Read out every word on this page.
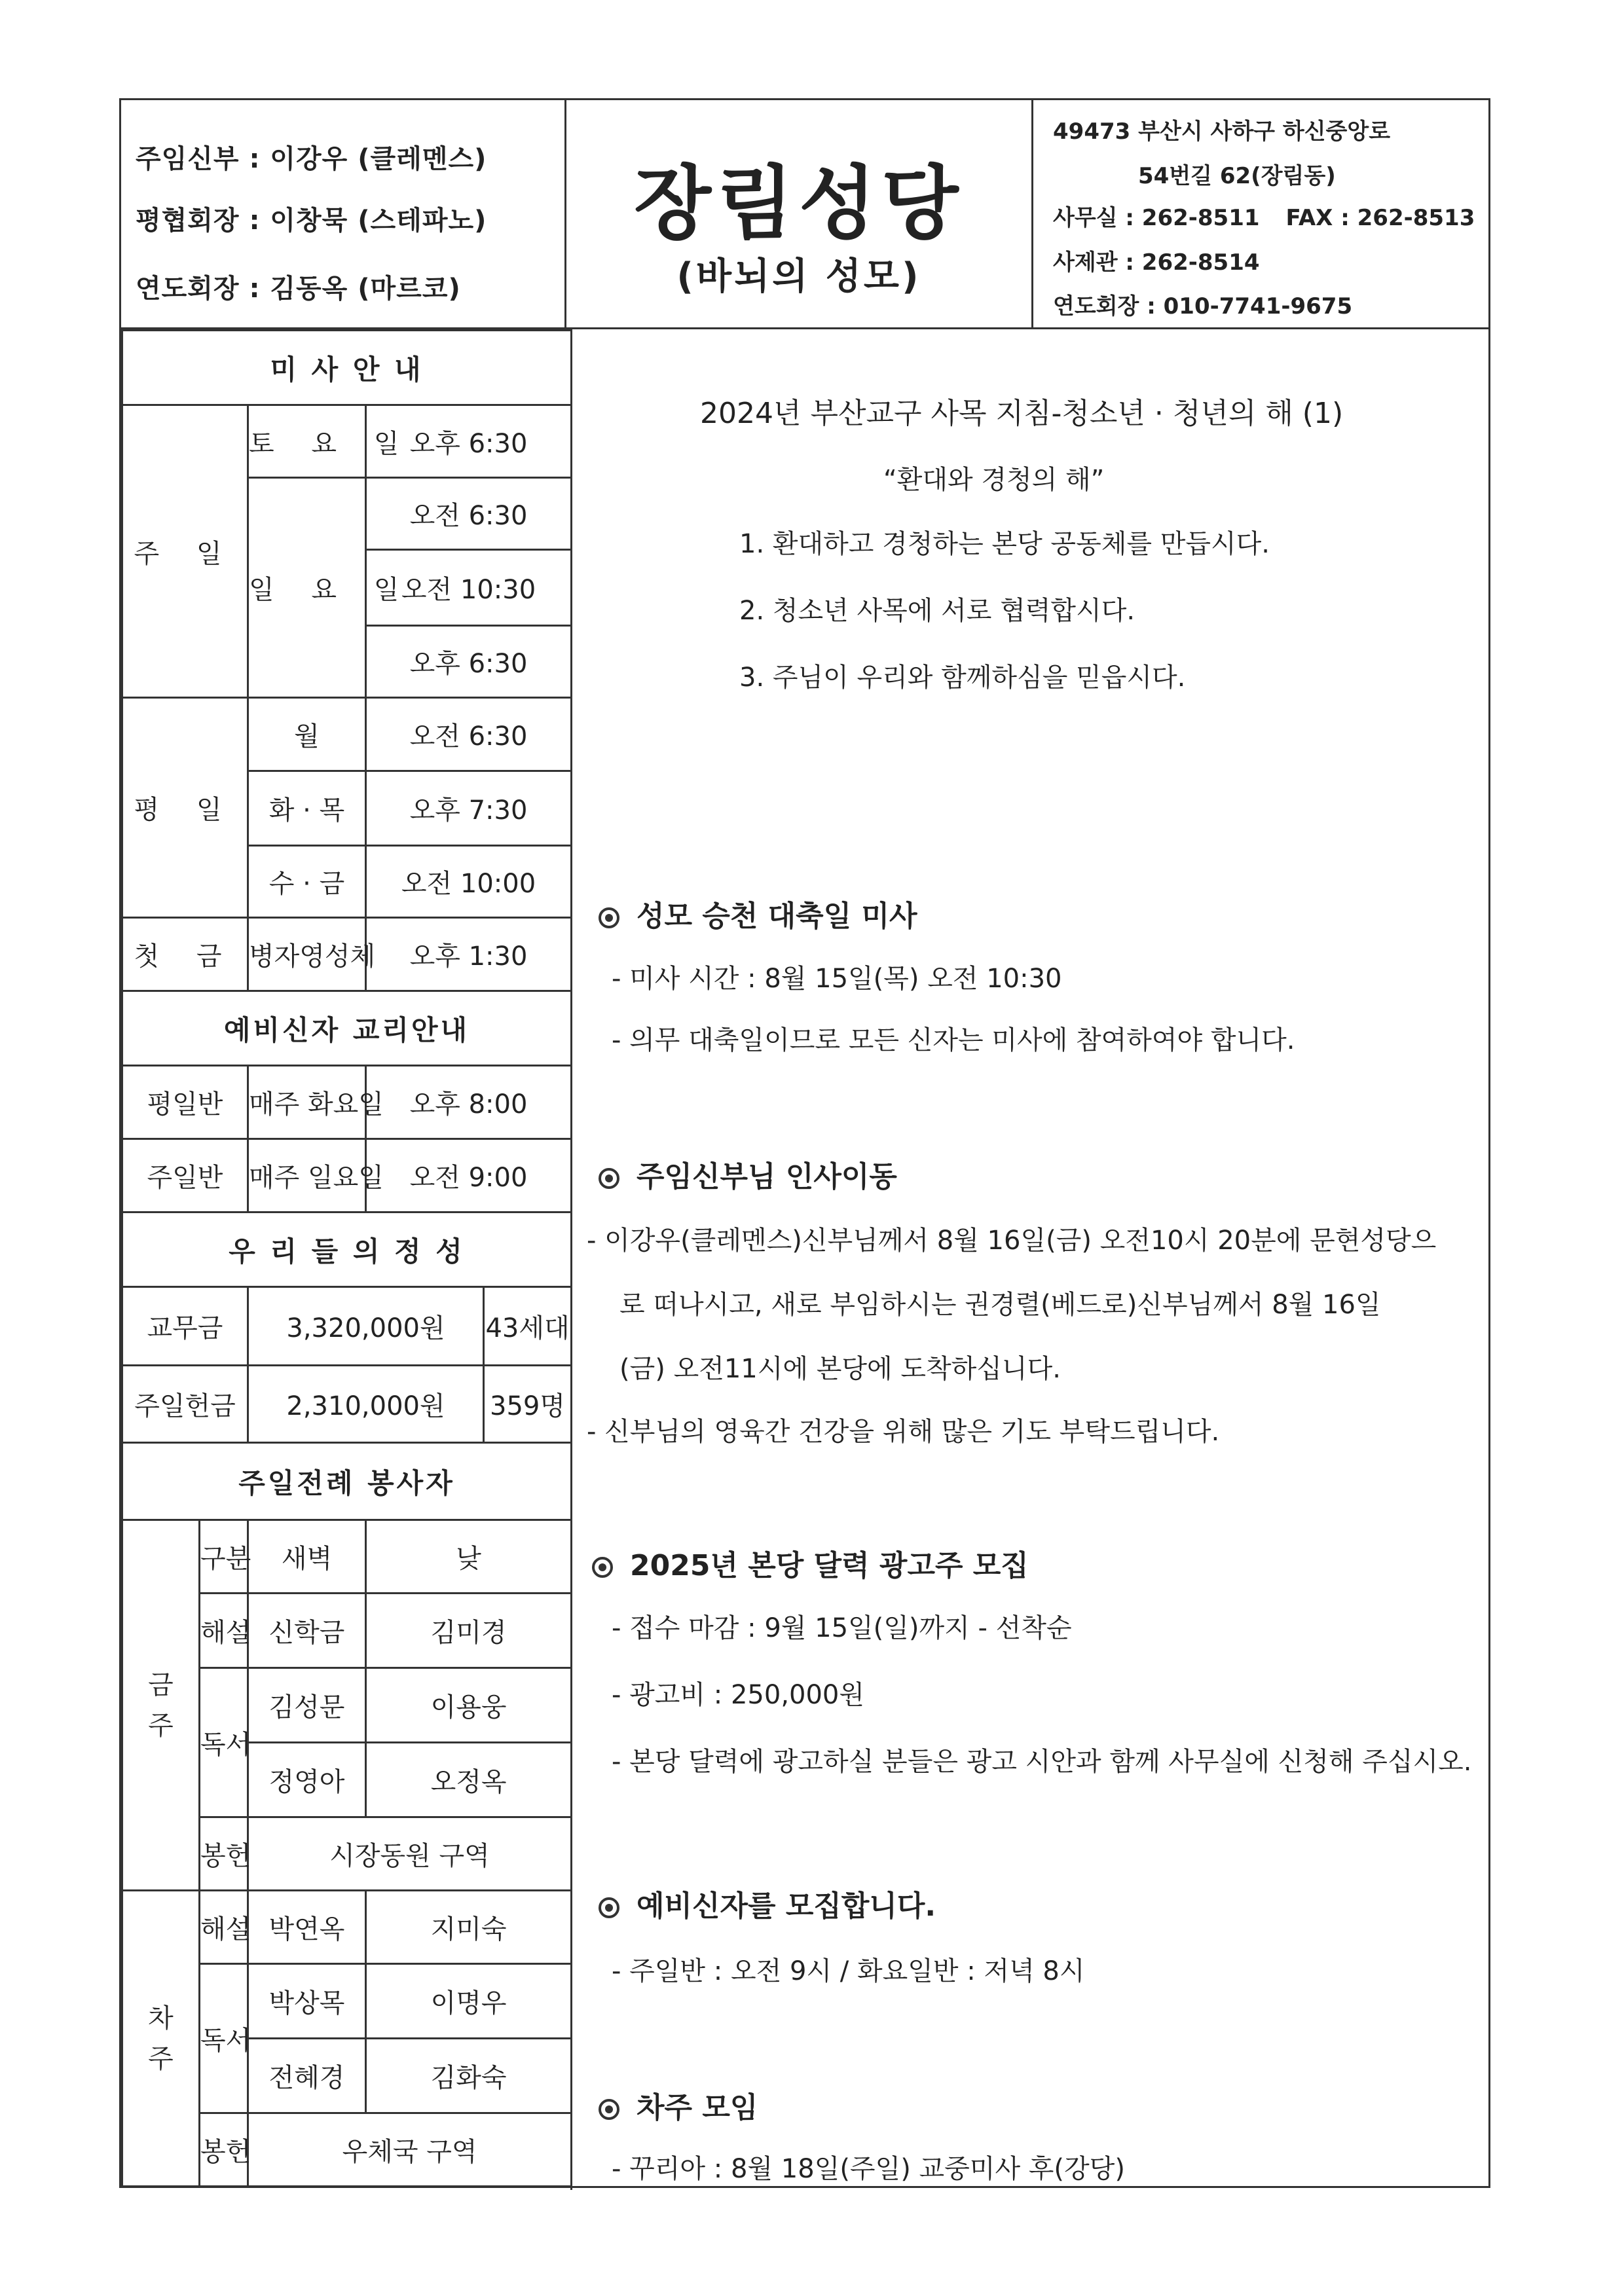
주임신부 : 이강우 (클레멘스)
평협회장 : 이창묵 (스테파노)
연도회장 : 김동옥 (마르코)
장림성당
(바뇌의 성모)
49473 부산시 사하구 하신중앙로
54번길 62(장림동)
사무실 : 262-8511 FAX : 262-8513
사제관 : 262-8514
연도회장 : 010-7741-9675
미 사 안 내				
주 일		토 요 일	오후 6:30	
		일 요 일	오전 6:30	
			오전 10:30	
			오후 6:30	

평 일		월	오전 6:30	
		화 · 목	오후 7:30	
		수 · 금	오전 10:00	
첫 금		병자영성체	오후 1:30	
예비신자 교리안내				
평일반		매주 화요일	오후 8:00	
주일반		매주 일요일	오전 9:00	
우 리 들 의 정 성				
교무금		3,320,000원		43세대
주일헌금		2,310,000원		359명
주일전례 봉사자				

금
주	구분	새벽	낮	
	해설	신학금	김미경	
	독서	김성문	이용웅	
		정영아	오정옥	
	봉헌	시장동원 구역		

차
주	해설	박연옥	지미숙	
	독서	박상목	이명우	
		전혜경	김화숙	
	봉헌	우체국 구역		
2024년 부산교구 사목 지침-청소년 · 청년의 해 (1)
“환대와 경청의 해”
1. 환대하고 경청하는 본당 공동체를 만듭시다.
2. 청소년 사목에 서로 협력합시다.
3. 주님이 우리와 함께하심을 믿읍시다.
성모 승천 대축일 미사
- 미사 시간 : 8월 15일(목) 오전 10:30
- 의무 대축일이므로 모든 신자는 미사에 참여하여야 합니다.
주임신부님 인사이동
- 이강우(클레멘스)신부님께서 8월 16일(금) 오전10시 20분에 문현성당으
로 떠나시고, 새로 부임하시는 권경렬(베드로)신부님께서 8월 16일
(금) 오전11시에 본당에 도착하십니다.
- 신부님의 영육간 건강을 위해 많은 기도 부탁드립니다.
2025년 본당 달력 광고주 모집
- 접수 마감 : 9월 15일(일)까지 - 선착순
- 광고비 : 250,000원
- 본당 달력에 광고하실 분들은 광고 시안과 함께 사무실에 신청해 주십시오.
예비신자를 모집합니다.
- 주일반 : 오전 9시 / 화요일반 : 저녁 8시
차주 모임
- 꾸리아 : 8월 18일(주일) 교중미사 후(강당)
